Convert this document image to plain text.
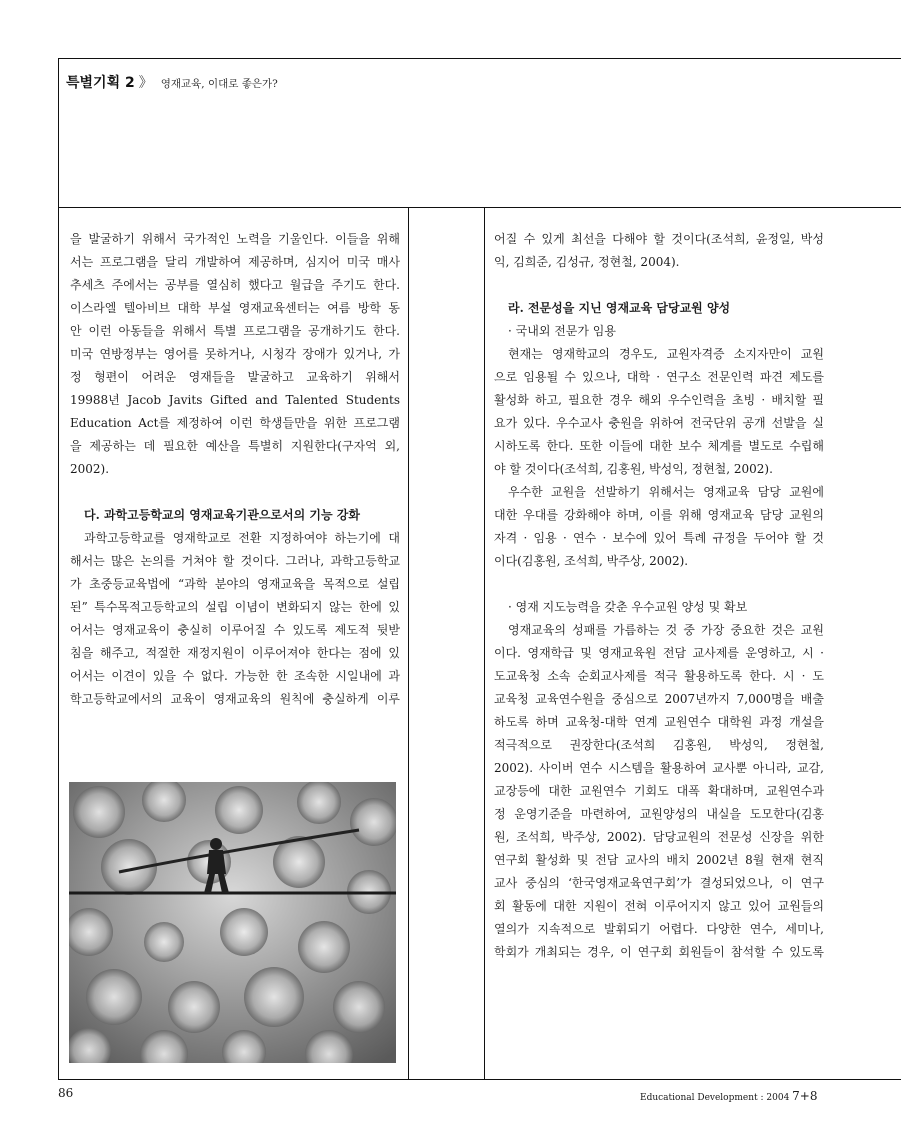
특별기획 2 》 영재교육, 이대로 좋은가?
을 발굴하기 위해서 국가적인 노력을 기울인다. 이들을 위해
서는 프로그램을 달리 개발하여 제공하며, 심지어 미국 매사
추세츠 주에서는 공부를 열심히 했다고 월급을 주기도 한다.
이스라엘 텔아비브 대학 부설 영재교육센터는 여름 방학 동
안 이런 아동들을 위해서 특별 프로그램을 공개하기도 한다.
미국 연방정부는 영어를 못하거나, 시청각 장애가 있거나, 가
정 형편이 어려운 영재들을 발굴하고 교육하기 위해서
19988년 Jacob Javits Gifted and Talented Students
Education Act를 제정하여 이런 학생들만을 위한 프로그램
을 제공하는 데 필요한 예산을 특별히 지원한다(구자억 외,
2002).
다. 과학고등학교의 영재교육기관으로서의 기능 강화
과학고등학교를 영재학교로 전환 지정하여야 하는기에 대
해서는 많은 논의를 거쳐야 할 것이다. 그러나, 과학고등학교
가 초중등교육법에 “과학 분야의 영재교육을 목적으로 설립
된” 특수목적고등학교의 설립 이념이 변화되지 않는 한에 있
어서는 영재교육이 충실히 이루어질 수 있도록 제도적 뒷받
침을 해주고, 적절한 재정지원이 이루어져야 한다는 점에 있
어서는 이견이 있을 수 없다. 가능한 한 조속한 시일내에 과
학고등학교에서의 교육이 영재교육의 원칙에 충실하게 이루
어질 수 있게 최선을 다해야 할 것이다(조석희, 윤정일, 박성
익, 김희준, 김성규, 정현철, 2004).
라. 전문성을 지닌 영재교육 담당교원 양성
· 국내외 전문가 임용
현재는 영재학교의 경우도, 교원자격증 소지자만이 교원
으로 임용될 수 있으나, 대학 · 연구소 전문인력 파견 제도를
활성화 하고, 필요한 경우 해외 우수인력을 초빙 · 배치할 필
요가 있다. 우수교사 충원을 위하여 전국단위 공개 선발을 실
시하도록 한다. 또한 이들에 대한 보수 체계를 별도로 수립해
야 할 것이다(조석희, 김홍원, 박성익, 정현철, 2002).
우수한 교원을 선발하기 위해서는 영재교육 담당 교원에
대한 우대를 강화해야 하며, 이를 위해 영재교육 담당 교원의
자격 · 임용 · 연수 · 보수에 있어 특례 규정을 두어야 할 것
이다(김홍원, 조석희, 박주상, 2002).
· 영재 지도능력을 갖춘 우수교원 양성 및 확보
영재교육의 성패를 가름하는 것 중 가장 중요한 것은 교원
이다. 영재학급 및 영재교육원 전담 교사제를 운영하고, 시 ·
도교육청 소속 순회교사제를 적극 활용하도록 한다. 시 · 도
교육청 교육연수원을 중심으로 2007년까지 7,000명을 배출
하도록 하며 교육청-대학 연계 교원연수 대학원 과정 개설을
적극적으로 권장한다(조석희 김홍원, 박성익, 정현철,
2002). 사이버 연수 시스템을 활용하여 교사뿐 아니라, 교감,
교장등에 대한 교원연수 기회도 대폭 확대하며, 교원연수과
정 운영기준을 마련하여, 교원양성의 내실을 도모한다(김홍
원, 조석희, 박주상, 2002). 담당교원의 전문성 신장을 위한
연구회 활성화 및 전담 교사의 배치 2002년 8월 현재 현직
교사 중심의 ‘한국영재교육연구회’가 결성되었으나, 이 연구
회 활동에 대한 지원이 전혀 이루어지지 않고 있어 교원들의
열의가 지속적으로 발휘되기 어렵다. 다양한 연수, 세미나,
학회가 개최되는 경우, 이 연구회 회원들이 참석할 수 있도록
86	Educational Development : 2004 7+8
